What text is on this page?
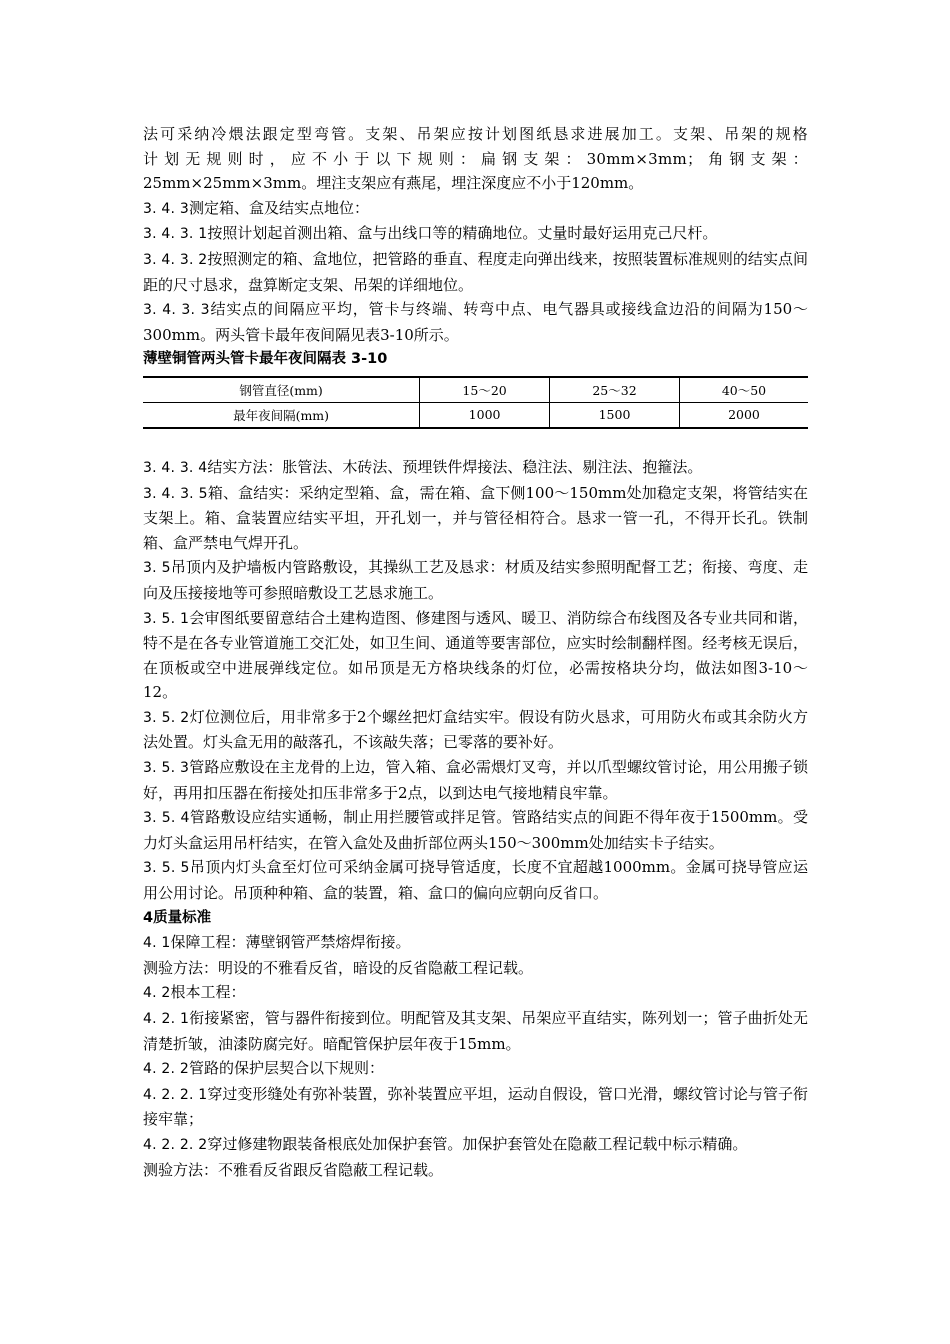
法可采纳冷煨法跟定型弯管。支架、吊架应按计划图纸恳求进展加工。支架、吊架的规格

计划无规则时，应不小于以下规则：扁钢支架：30mm×3mm；角钢支架：

25mm×25mm×3mm。埋注支架应有燕尾，埋注深度应不小于120mm。

3. 4. 3测定箱、盒及结实点地位：

3. 4. 3. 1按照计划起首测出箱、盒与出线口等的精确地位。丈量时最好运用克己尺杆。

3. 4. 3. 2按照测定的箱、盒地位，把管路的垂直、程度走向弹出线来，按照装置标准规则的结实点间距的尺寸恳求，盘算断定支架、吊架的详细地位。

3. 4. 3. 3结实点的间隔应平均，管卡与终端、转弯中点、电气器具或接线盒边沿的间隔为150～300mm。两头管卡最年夜间隔见表3-10所示。

薄壁铜管两头管卡最年夜间隔表 3-10

钢管直径(mm)	15～20	25～32	40～50
最年夜间隔(mm)	1000	1500	2000

3. 4. 3. 4结实方法：胀管法、木砖法、预埋铁件焊接法、稳注法、剔注法、抱箍法。

3. 4. 3. 5箱、盒结实：采纳定型箱、盒，需在箱、盒下侧100～150mm处加稳定支架，将管结实在支架上。箱、盒装置应结实平坦，开孔划一，并与管径相符合。恳求一管一孔，不得开长孔。铁制箱、盒严禁电气焊开孔。

3. 5吊顶内及护墙板内管路敷设，其操纵工艺及恳求：材质及结实参照明配督工艺；衔接、弯度、走向及压接接地等可参照暗敷设工艺恳求施工。

3. 5. 1会审图纸要留意结合土建构造图、修建图与透风、暖卫、消防综合布线图及各专业共同和谐，特不是在各专业管道施工交汇处，如卫生间、通道等要害部位，应实时绘制翻样图。经考核无误后，在顶板或空中进展弹线定位。如吊顶是无方格块线条的灯位，必需按格块分均，做法如图3-10～12。

3. 5. 2灯位测位后，用非常多于2个螺丝把灯盒结实牢。假设有防火恳求，可用防火布或其余防火方法处置。灯头盒无用的敲落孔，不该敲失落；已零落的要补好。

3. 5. 3管路应敷设在主龙骨的上边，管入箱、盒必需煨灯叉弯，并以爪型螺纹管讨论，用公用搬子锁好，再用扣压器在衔接处扣压非常多于2点，以到达电气接地精良牢靠。

3. 5. 4管路敷设应结实通畅，制止用拦腰管或拌足管。管路结实点的间距不得年夜于1500mm。受力灯头盒运用吊杆结实，在管入盒处及曲折部位两头150～300mm处加结实卡子结实。

3. 5. 5吊顶内灯头盒至灯位可采纳金属可挠导管适度，长度不宜超越1000mm。金属可挠导管应运用公用讨论。吊顶种种箱、盒的装置，箱、盒口的偏向应朝向反省口。

4质量标准

4. 1保障工程：薄壁钢管严禁熔焊衔接。

测验方法：明设的不雅看反省，暗设的反省隐蔽工程记载。

4. 2根本工程：

4. 2. 1衔接紧密，管与器件衔接到位。明配管及其支架、吊架应平直结实，陈列划一；管子曲折处无清楚折皱，油漆防腐完好。暗配管保护层年夜于15mm。

4. 2. 2管路的保护层契合以下规则：

4. 2. 2. 1穿过变形缝处有弥补装置，弥补装置应平坦，运动自假设，管口光滑，螺纹管讨论与管子衔接牢靠；

4. 2. 2. 2穿过修建物跟装备根底处加保护套管。加保护套管处在隐蔽工程记载中标示精确。

测验方法：不雅看反省跟反省隐蔽工程记载。
